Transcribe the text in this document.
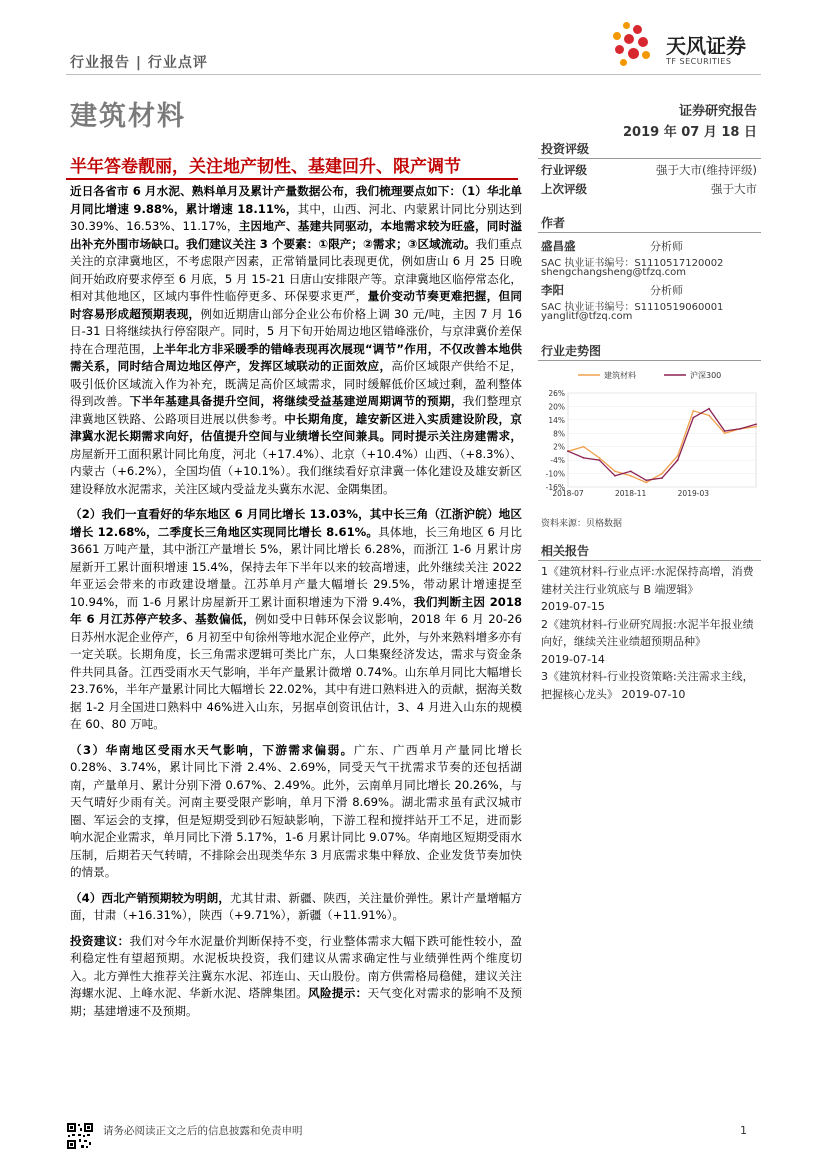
行业报告 | 行业点评
天风证券
TF SECURITIES
建筑材料	证券研究报告
2019 年 07 月 18 日
半年答卷靓丽，关注地产韧性、基建回升、限产调节

近日各省市 6 月水泥、熟料单月及累计产量数据公布，我们梳理要点如下：（1）华北单月同比增速 9.88%，累计增速 18.11%，其中，山西、河北、内蒙累计同比分别达到 30.39%、16.53%、11.17%，主因地产、基建共同驱动，本地需求较为旺盛，同时溢出补充外围市场缺口。我们建议关注 3 个要素：①限产；②需求；③区域流动。我们重点关注的京津冀地区，不考虑限产因素，正常销量同比表现更优，例如唐山 6 月 25 日晚间开始政府要求停至 6 月底，5 月 15-21 日唐山安排限产等。京津冀地区临停常态化，相对其他地区，区域内事件性临停更多、环保要求更严，量价变动节奏更难把握，但同时容易形成超预期表现，例如近期唐山部分企业公布价格上调 30 元/吨，主因 7 月 16 日-31 日将继续执行停窑限产。同时，5 月下旬开始周边地区错峰涨价，与京津冀价差保持在合理范围，上半年北方非采暖季的错峰表现再次展现“调节”作用，不仅改善本地供需关系，同时结合周边地区停产，发挥区域联动的正面效应，高价区域限产供给不足，吸引低价区域流入作为补充，既满足高价区域需求，同时缓解低价区域过剩，盈利整体得到改善。下半年基建具备提升空间，将继续受益基建逆周期调节的预期，我们整理京津冀地区铁路、公路项目进展以供参考。中长期角度，雄安新区进入实质建设阶段，京津冀水泥长期需求向好，估值提升空间与业绩增长空间兼具。同时提示关注房建需求，房屋新开工面积累计同比角度，河北（+17.4%）、北京（+10.4%）山西、（+8.3%）、内蒙古（+6.2%），全国均值（+10.1%）。我们继续看好京津冀一体化建设及雄安新区建设释放水泥需求，关注区域内受益龙头冀东水泥、金隅集团。

（2）我们一直看好的华东地区 6 月同比增长 13.03%，其中长三角（江浙沪皖）地区增长 12.68%，二季度长三角地区实现同比增长 8.61%。具体地，长三角地区 6 月比 3661 万吨产量，其中浙江产量增长 5%，累计同比增长 6.28%，而浙江 1-6 月累计房屋新开工累计面积增速 15.4%，保持去年下半年以来的较高增速，此外继续关注 2022 年亚运会带来的市政建设增量。江苏单月产量大幅增长 29.5%，带动累计增速提至 10.94%，而 1-6 月累计房屋新开工累计面积增速为下滑 9.4%，我们判断主因 2018 年 6 月江苏停产较多、基数偏低，例如受中日韩环保会议影响，2018 年 6 月 20-26 日苏州水泥企业停产，6 月初至中旬徐州等地水泥企业停产，此外，与外来熟料增多亦有一定关联。长期角度，长三角需求逻辑可类比广东，人口集聚经济发达，需求与资金条件共同具备。江西受雨水天气影响，半年产量累计微增 0.74%。山东单月同比大幅增长 23.76%，半年产量累计同比大幅增长 22.02%，其中有进口熟料进入的贡献，据海关数据 1-2 月全国进口熟料中 46%进入山东，另据卓创资讯估计，3、4 月进入山东的规模在 60、80 万吨。

（3）华南地区受雨水天气影响，下游需求偏弱。广东、广西单月产量同比增长 0.28%、3.74%，累计同比下滑 2.4%、2.69%，同受天气干扰需求节奏的还包括湖南，产量单月、累计分别下滑 0.67%、2.49%。此外，云南单月同比增长 20.26%，与天气晴好少雨有关。河南主要受限产影响，单月下滑 8.69%。湖北需求虽有武汉城市圈、军运会的支撑，但是短期受到砂石短缺影响，下游工程和搅拌站开工不足，进而影响水泥企业需求，单月同比下滑 5.17%，1-6 月累计同比 9.07%。华南地区短期受雨水压制，后期若天气转晴，不排除会出现类华东 3 月底需求集中释放、企业发货节奏加快的情景。

（4）西北产销预期较为明朗，尤其甘肃、新疆、陕西，关注量价弹性。累计产量增幅方面，甘肃（+16.31%），陕西（+9.71%），新疆（+11.91%）。

投资建议：我们对今年水泥量价判断保持不变，行业整体需求大幅下跌可能性较小，盈利稳定性有望超预期。水泥板块投资，我们建议从需求确定性与业绩弹性两个维度切入。北方弹性大推荐关注冀东水泥、祁连山、天山股份。南方供需格局稳健，建议关注海螺水泥、上峰水泥、华新水泥、塔牌集团。风险提示：天气变化对需求的影响不及预期；基建增速不及预期。

投资评级
行业评级	强于大市(维持评级)
上次评级	强于大市
作者
盛昌盛	分析师
SAC 执业证书编号：S1110517120002
shengchangsheng@tfzq.com
李阳	分析师
SAC 执业证书编号：S1110519060001
yanglitf@tfzq.com
行业走势图
26%
20%
14%
8%
2%
-4%
-10%
-16%
2018-07	2018-11	2019-03
建筑材料	沪深300
资料来源：贝格数据
相关报告
1《建筑材料-行业点评:水泥保持高增，消费建材关注行业筑底与 B 端逻辑》 2019-07-15
2《建筑材料-行业研究周报:水泥半年报业绩向好，继续关注业绩超预期品种》 2019-07-14
3《建筑材料-行业投资策略:关注需求主线，把握核心龙头》 2019-07-10
请务必阅读正文之后的信息披露和免责申明	1
